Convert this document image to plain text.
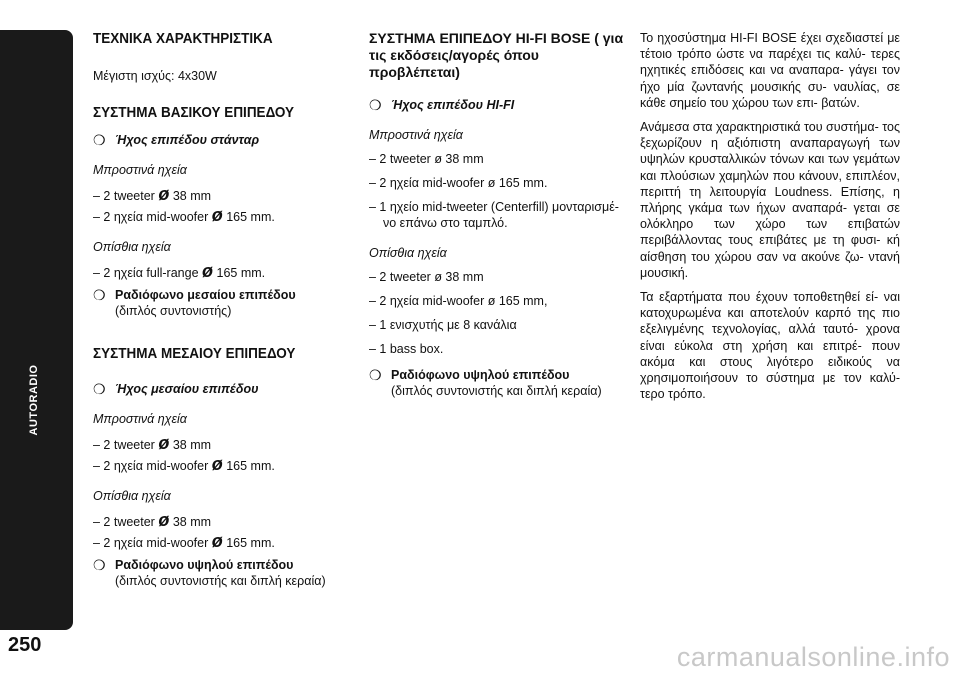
AUTORADIO
250	carmanualsonline.info
ΤΕΧΝΙΚΑ ΧΑΡΑΚΤΗΡΙΣΤΙΚΑ
Μέγιστη ισχύς: 4x30W
ΣΥΣΤΗΜΑ ΒΑΣΙΚΟΥ ΕΠΙΠΕΔΟΥ
❍ Ήχος επιπέδου στάνταρ
Μπροστινά ηχεία
– 2 tweeter ø 38 mm
– 2 ηχεία mid-woofer ø 165 mm.
Οπίσθια ηχεία
– 2 ηχεία full-range ø 165 mm.
❍ Ραδιόφωνο μεσαίου επιπέδου
(διπλός συντονιστής)
ΣΥΣΤΗΜΑ ΜΕΣΑΙΟΥ ΕΠΙΠΕΔΟΥ
❍ Ήχος μεσαίου επιπέδου
Μπροστινά ηχεία
– 2 tweeter ø 38 mm
– 2 ηχεία mid-woofer ø 165 mm.
Οπίσθια ηχεία
– 2 tweeter ø 38 mm
– 2 ηχεία mid-woofer ø 165 mm.
❍ Ραδιόφωνο υψηλού επιπέδου
(διπλός συντονιστής και διπλή κεραία)
ΣΥΣΤΗΜΑ ΕΠΙΠΕΔΟΥ HI-FI BOSE ( για τις εκδόσεις/αγορές όπου προβλέπεται)
❍ Ήχος επιπέδου HI-FI
Μπροστινά ηχεία
– 2 tweeter ø 38 mm
– 2 ηχεία mid-woofer ø 165 mm.
– 1 ηχείο mid-tweeter (Centerfill) μονταρισμέ- νο επάνω στο ταμπλό.
Οπίσθια ηχεία
– 2 tweeter ø 38 mm
– 2 ηχεία mid-woofer ø 165 mm,
– 1 ενισχυτής με 8 κανάλια
– 1 bass box.
❍ Ραδιόφωνο υψηλού επιπέδου
(διπλός συντονιστής και διπλή κεραία)

Το ηχοσύστημα HI-FI BOSE έχει σχεδιαστεί με τέτοιο τρόπο ώστε να παρέχει τις καλύ- τερες ηχητικές επιδόσεις και να αναπαρα- γάγει τον ήχο μία ζωντανής μουσικής συ- ναυλίας, σε κάθε σημείο του χώρου των επι- βατών.

Ανάμεσα στα χαρακτηριστικά του συστήμα- τος ξεχωρίζουν η αξιόπιστη αναπαραγωγή των υψηλών κρυσταλλικών τόνων και των γεμάτων και πλούσιων χαμηλών που κάνουν, επιπλέον, περιττή τη λειτουργία Loudness. Επίσης, η πλήρης γκάμα των ήχων αναπαρά- γεται σε ολόκληρο των χώρο των επιβατών περιβάλλοντας τους επιβάτες με τη φυσι- κή αίσθηση του χώρου σαν να ακούνε ζω- ντανή μουσική.

Τα εξαρτήματα που έχουν τοποθετηθεί εί- ναι κατοχυρωμένα και αποτελούν καρπό της πιο εξελιγμένης τεχνολογίας, αλλά ταυτό- χρονα είναι εύκολα στη χρήση και επιτρέ- πουν ακόμα και στους λιγότερο ειδικούς να χρησιμοποιήσουν το σύστημα με τον καλύ- τερο τρόπο.
